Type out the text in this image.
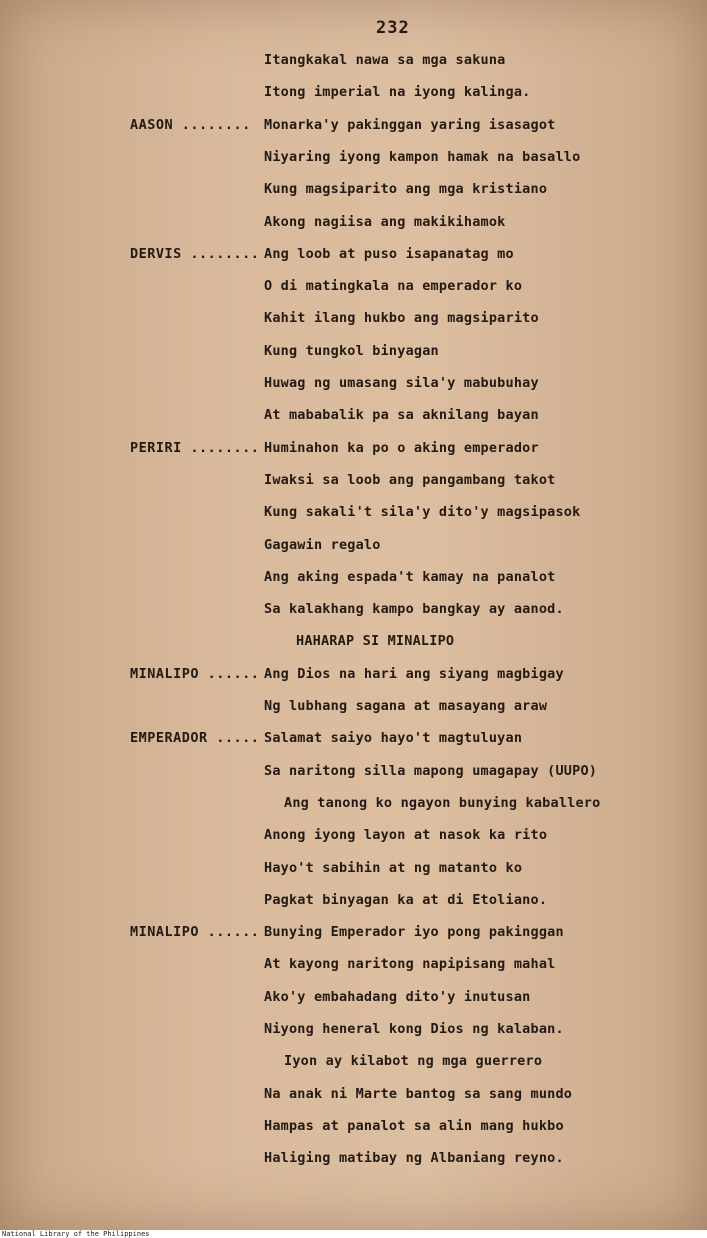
232
Itangkakal nawa sa mga sakuna
Itong imperial na iyong kalinga.
AASON ........ Monarka'y pakinggan yaring isasagot
Niyaring iyong kampon hamak na basallo
Kung magsiparito ang mga kristiano
Akong nagiisa ang makikihamok
DERVIS ........ Ang loob at puso isapanatag mo
O di matingkala na emperador ko
Kahit ilang hukbo ang magsiparito
Kung tungkol binyagan
Huwag ng umasang sila'y mabubuhay
At mababalik pa sa aknilang bayan
PERIRI ........ Huminahon ka po o aking emperador
Iwaksi sa loob ang pangambang takot
Kung sakali't sila'y dito'y magsipasok
Gagawin regalo
Ang aking espada't kamay na panalot
Sa kalakhang kampo bangkay ay aanod.
HAHARAP SI MINALIPO
MINALIPO ...... Ang Dios na hari ang siyang magbigay
Ng lubhang sagana at masayang araw
EMPERADOR ..... Salamat saiyo hayo't magtuluyan
Sa naritong silla mapong umagapay (UUPO)
Ang tanong ko ngayon bunying kaballero
Anong iyong layon at nasok ka rito
Hayo't sabihin at ng matanto ko
Pagkat binyagan ka at di Etoliano.
MINALIPO ...... Bunying Emperador iyo pong pakinggan
At kayong naritong napipisang mahal
Ako'y embahadang dito'y inutusan
Niyong heneral kong Dios ng kalaban.
Iyon ay kilabot ng mga guerrero
Na anak ni Marte bantog sa sang mundo
Hampas at panalot sa alin mang hukbo
Haliging matibay ng Albaniang reyno.
National Library of the Philippines
